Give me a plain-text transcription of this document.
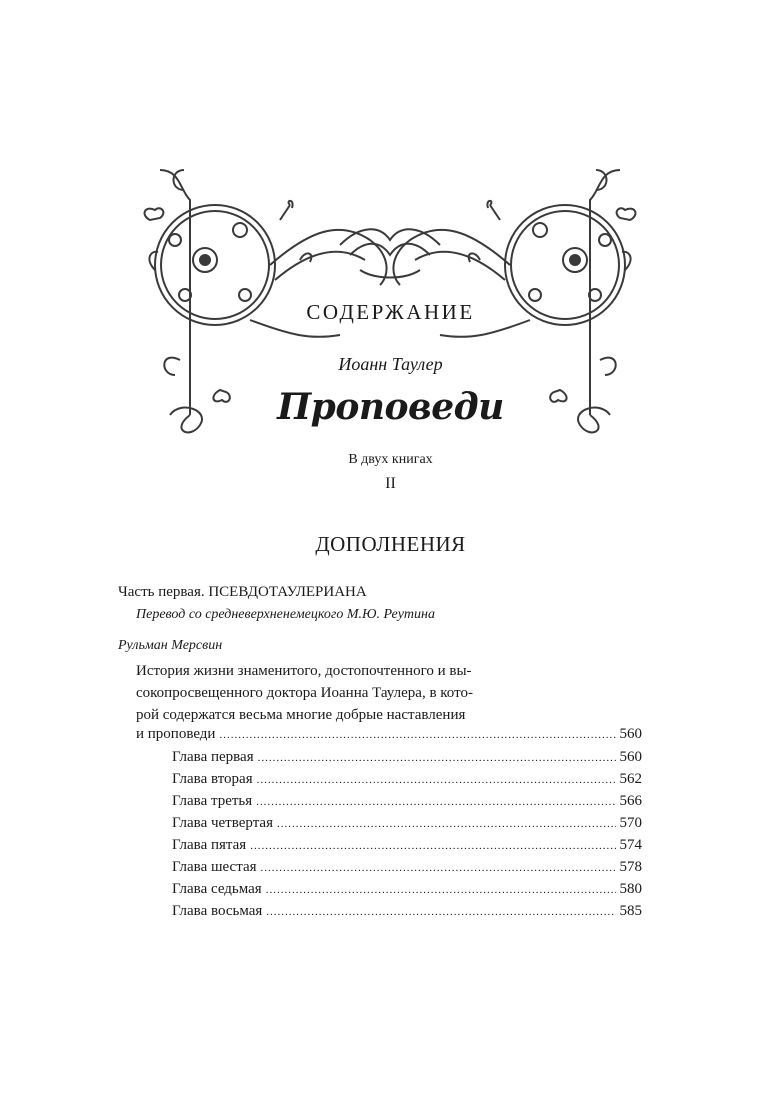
СОДЕРЖАНИЕ
Иоанн Таулер
Проповеди
В двух книгах
II
ДОПОЛНЕНИЯ
Часть первая. ПСЕВДОТАУЛЕРИАНА
Перевод со средневерхненемецкого М.Ю. Реутина
Рульман Мерсвин
История жизни знаменитого, достопочтенного и вы-
сокопросвещенного доктора Иоанна Таулера, в кото-
рой содержатся весьма многие добрые наставления
и проповеди .....	560
Глава первая .....	560
Глава вторая .....	562
Глава третья .....	566
Глава четвертая .....	570
Глава пятая .....	574
Глава шестая .....	578
Глава седьмая .....	580
Глава восьмая .....	585
